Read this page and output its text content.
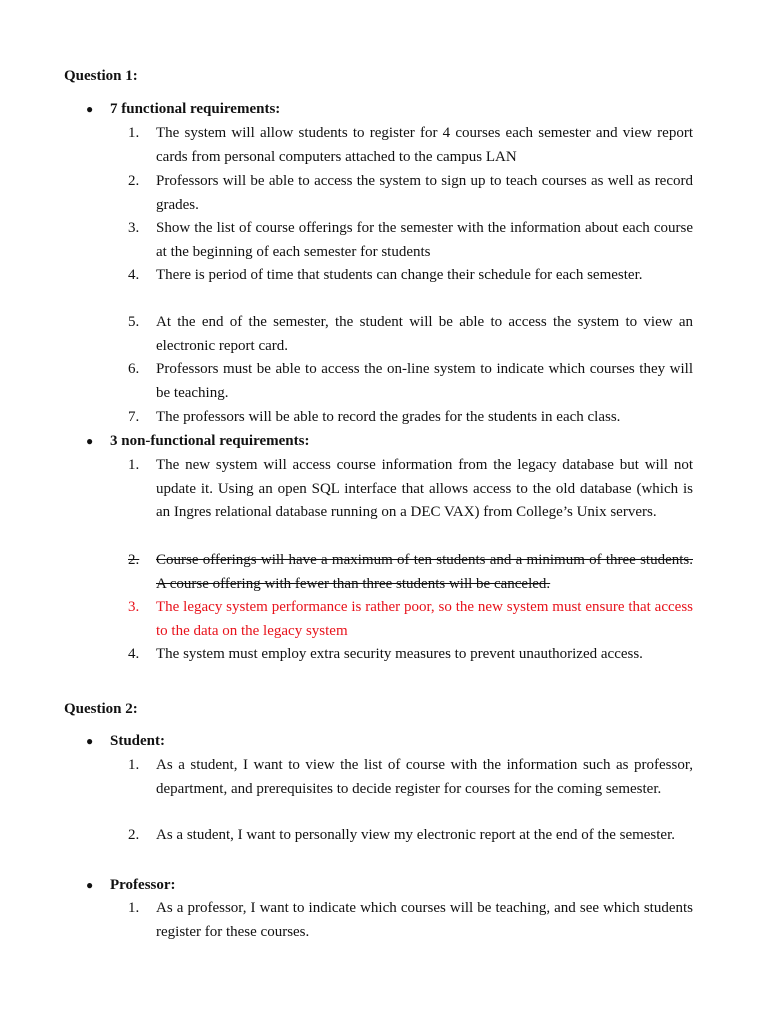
Question 1:
●	7 functional requirements:
1.	The system will allow students to register for 4 courses each semester and view report cards from personal computers attached to the campus LAN
2.	Professors will be able to access the system to sign up to teach courses as well as record grades.
3.	Show the list of course offerings for the semester with the information about each course at the beginning of each semester for students
4.	There is period of time that students can change their schedule for each semester.
5.	At the end of the semester, the student will be able to access the system to view an electronic report card.
6.	Professors must be able to access the on-line system to indicate which courses they will be teaching.
7.	The professors will be able to record the grades for the students in each class.
●	3 non-functional requirements:
1.	The new system will access course information from the legacy database but will not update it. Using an open SQL interface that allows access to the old database (which is an Ingres relational database running on a DEC VAX) from College’s Unix servers.
2.	Course offerings will have a maximum of ten students and a minimum of three students. A course offering with fewer than three students will be canceled.
3.	The legacy system performance is rather poor, so the new system must ensure that access to the data on the legacy system
4.	The system must employ extra security measures to prevent unauthorized access.
Question 2:
●	Student:
1.	As a student, I want to view the list of course with the information such as professor, department, and prerequisites to decide register for courses for the coming semester.
2.	As a student, I want to personally view my electronic report at the end of the semester.
●	Professor:
1.	As a professor, I want to indicate which courses will be teaching, and see which students register for these courses.
